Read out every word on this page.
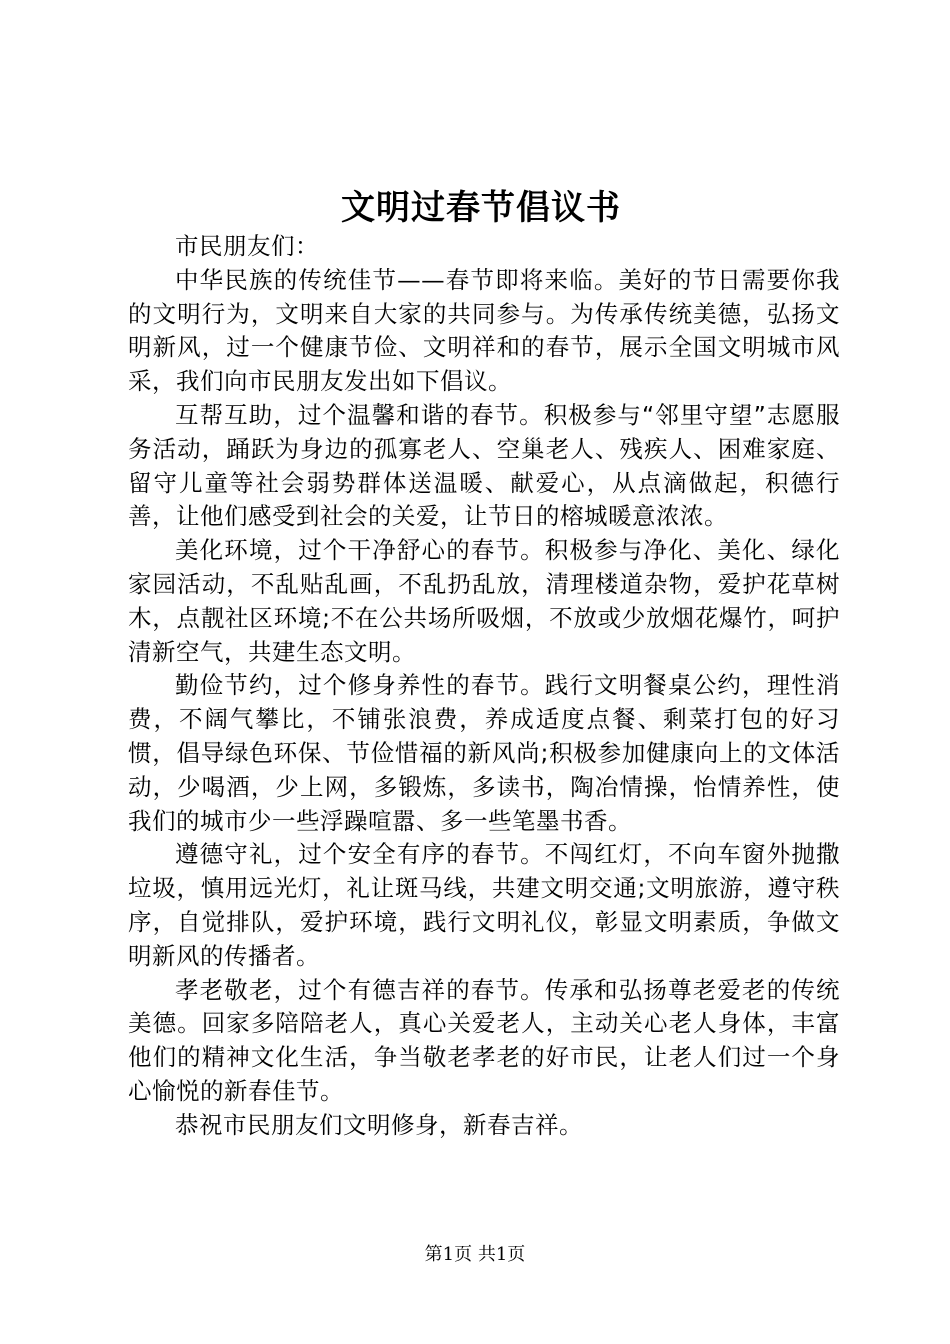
文明过春节倡议书

市民朋友们：

中华民族的传统佳节——春节即将来临。美好的节日需要你我的文明行为，文明来自大家的共同参与。为传承传统美德，弘扬文明新风，过一个健康节俭、文明祥和的春节，展示全国文明城市风采，我们向市民朋友发出如下倡议。

互帮互助，过个温馨和谐的春节。积极参与“邻里守望”志愿服务活动，踊跃为身边的孤寡老人、空巢老人、残疾人、困难家庭、留守儿童等社会弱势群体送温暖、献爱心，从点滴做起，积德行善，让他们感受到社会的关爱，让节日的榕城暖意浓浓。

美化环境，过个干净舒心的春节。积极参与净化、美化、绿化家园活动，不乱贴乱画，不乱扔乱放，清理楼道杂物，爱护花草树木，点靓社区环境;不在公共场所吸烟，不放或少放烟花爆竹，呵护清新空气，共建生态文明。

勤俭节约，过个修身养性的春节。践行文明餐桌公约，理性消费，不阔气攀比，不铺张浪费，养成适度点餐、剩菜打包的好习惯，倡导绿色环保、节俭惜福的新风尚;积极参加健康向上的文体活动，少喝酒，少上网，多锻炼，多读书，陶冶情操，怡情养性，使我们的城市少一些浮躁喧嚣、多一些笔墨书香。

遵德守礼，过个安全有序的春节。不闯红灯，不向车窗外抛撒垃圾，慎用远光灯，礼让斑马线，共建文明交通;文明旅游，遵守秩序，自觉排队，爱护环境，践行文明礼仪，彰显文明素质，争做文明新风的传播者。

孝老敬老，过个有德吉祥的春节。传承和弘扬尊老爱老的传统美德。回家多陪陪老人，真心关爱老人，主动关心老人身体，丰富他们的精神文化生活，争当敬老孝老的好市民，让老人们过一个身心愉悦的新春佳节。

恭祝市民朋友们文明修身，新春吉祥。

第1页 共1页
